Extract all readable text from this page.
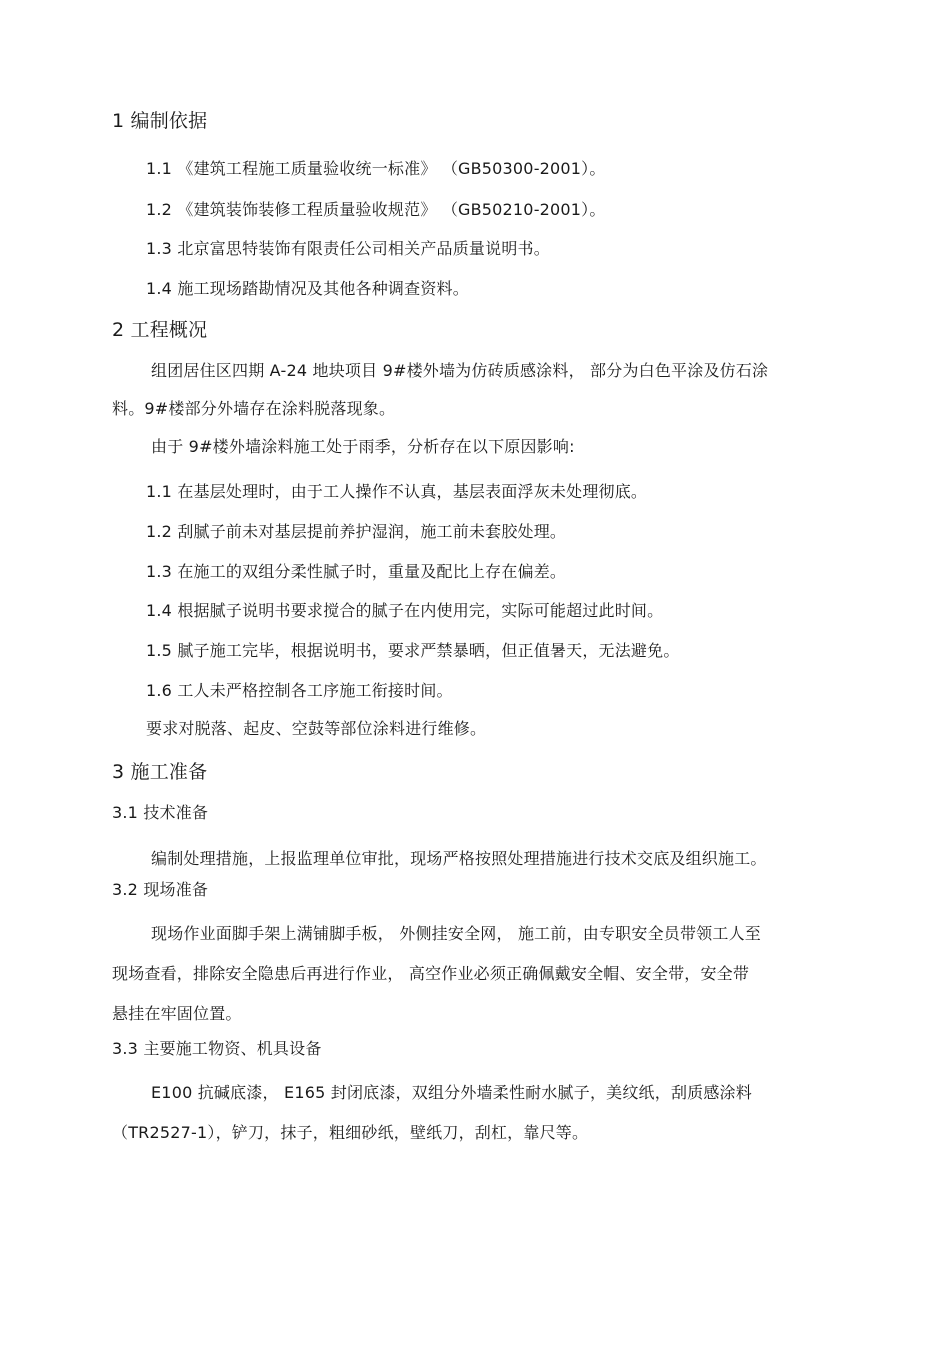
1 编制依据
1.1 《建筑工程施工质量验收统一标准》 （GB50300-2001）。
1.2 《建筑装饰装修工程质量验收规范》 （GB50210-2001）。
1.3 北京富思特装饰有限责任公司相关产品质量说明书。
1.4 施工现场踏勘情况及其他各种调查资料。
2 工程概况
组团居住区四期 A-24 地块项目 9#楼外墙为仿砖质感涂料， 部分为白色平涂及仿石涂
料。9#楼部分外墙存在涂料脱落现象。
由于 9#楼外墙涂料施工处于雨季，分析存在以下原因影响:
1.1 在基层处理时，由于工人操作不认真，基层表面浮灰未处理彻底。
1.2 刮腻子前未对基层提前养护湿润，施工前未套胶处理。
1.3 在施工的双组分柔性腻子时，重量及配比上存在偏差。
1.4 根据腻子说明书要求搅合的腻子在内使用完，实际可能超过此时间。
1.5 腻子施工完毕，根据说明书，要求严禁暴晒，但正值暑天，无法避免。
1.6 工人未严格控制各工序施工衔接时间。
要求对脱落、起皮、空鼓等部位涂料进行维修。
3 施工准备
3.1 技术准备
编制处理措施，上报监理单位审批，现场严格按照处理措施进行技术交底及组织施工。
3.2 现场准备
现场作业面脚手架上满铺脚手板， 外侧挂安全网， 施工前，由专职安全员带领工人至
现场查看，排除安全隐患后再进行作业， 高空作业必须正确佩戴安全帽、安全带，安全带
悬挂在牢固位置。
3.3 主要施工物资、机具设备
E100 抗碱底漆， E165 封闭底漆，双组分外墙柔性耐水腻子，美纹纸，刮质感涂料
（TR2527-1），铲刀，抹子，粗细砂纸，壁纸刀，刮杠，靠尺等。
